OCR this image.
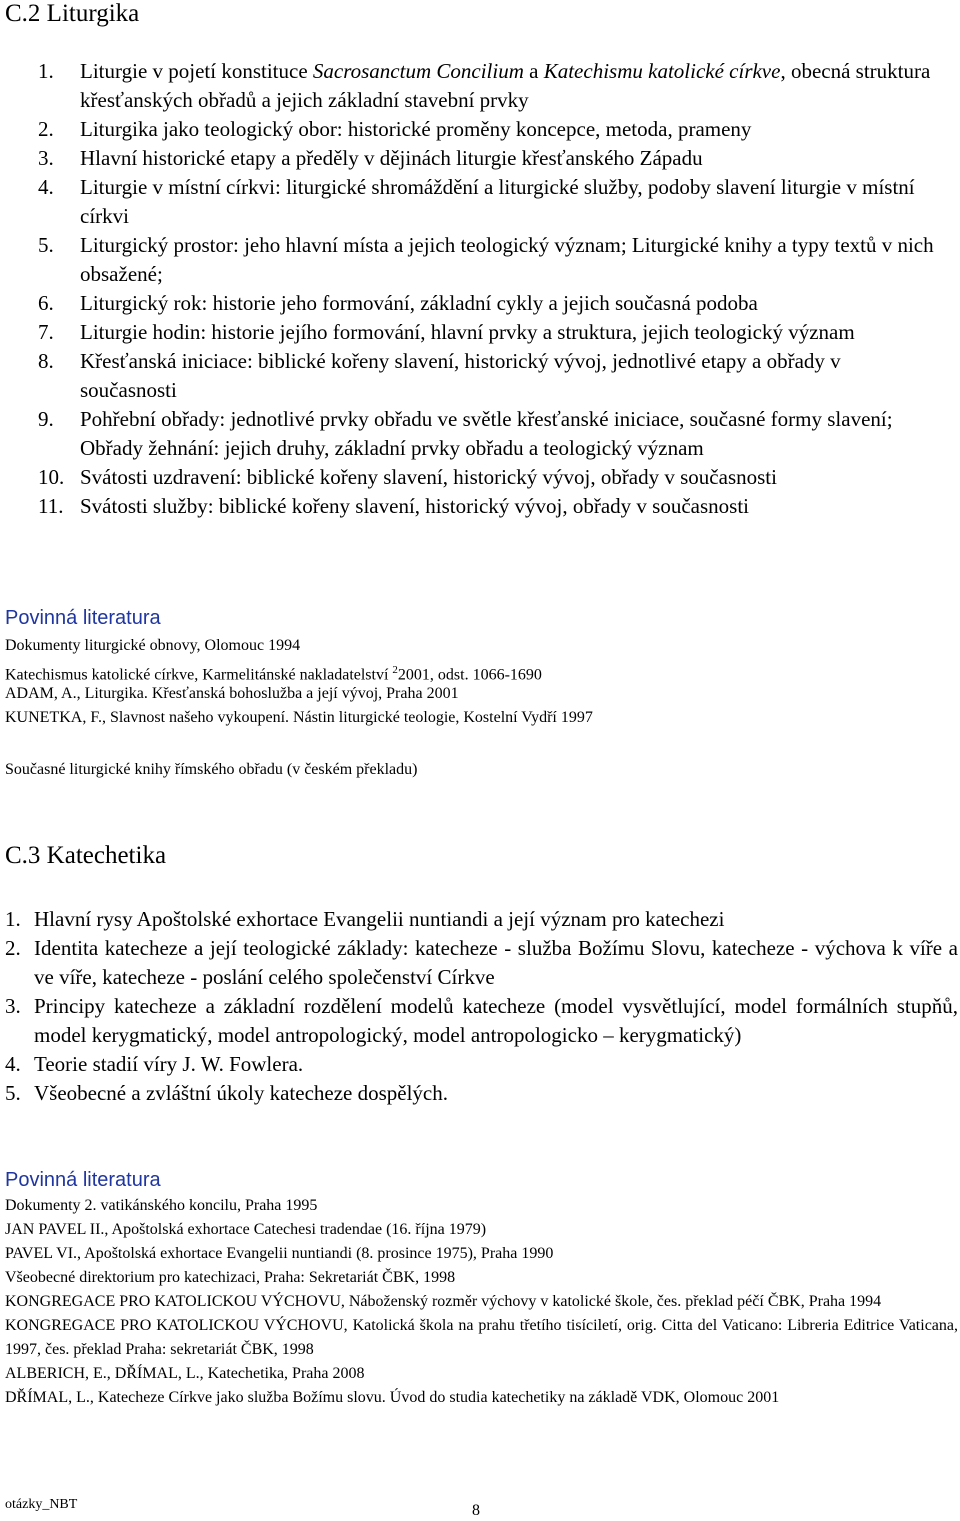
C.2 Liturgika
1. Liturgie v pojetí konstituce Sacrosanctum Concilium a Katechismu katolické církve, obecná struktura křesťanských obřadů a jejich základní stavební prvky
2. Liturgika jako teologický obor: historické proměny koncepce, metoda, prameny
3. Hlavní historické etapy a předěly v dějinách liturgie křesťanského Západu
4. Liturgie v místní církvi: liturgické shromáždění a liturgické služby, podoby slavení liturgie v místní církvi
5. Liturgický prostor: jeho hlavní místa a jejich teologický význam; Liturgické knihy a typy textů v nich obsažené;
6. Liturgický rok: historie jeho formování, základní cykly a jejich současná podoba
7. Liturgie hodin: historie jejího formování, hlavní prvky a struktura, jejich teologický význam
8. Křesťanská iniciace: biblické kořeny slavení, historický vývoj, jednotlivé etapy a obřady v současnosti
9. Pohřební obřady: jednotlivé prvky obřadu ve světle křesťanské iniciace, současné formy slavení; Obřady žehnání: jejich druhy, základní prvky obřadu a teologický význam
10. Svátosti uzdravení: biblické kořeny slavení, historický vývoj, obřady v současnosti
11. Svátosti služby: biblické kořeny slavení, historický vývoj, obřady v současnosti
Povinná literatura
Dokumenty liturgické obnovy, Olomouc 1994
Katechismus katolické církve, Karmelitánské nakladatelství $^2$2001, odst. 1066-1690
ADAM, A., Liturgika. Křesťanská bohoslužba a její vývoj, Praha 2001
KUNETKA, F., Slavnost našeho vykoupení. Nástin liturgické teologie, Kostelní Vydří 1997
Současné liturgické knihy římského obřadu (v českém překladu)
C.3 Katechetika
1. Hlavní rysy Apoštolské exhortace Evangelii nuntiandi a její význam pro katechezi
2. Identita katecheze a její teologické základy: katecheze - služba Božímu Slovu, katecheze - výchova k víře a ve víře, katecheze - poslání celého společenství Církve
3. Principy katecheze a základní rozdělení modelů katecheze (model vysvětlující, model formálních stupňů, model kerygmatický, model antropologický, model antropologicko – kerygmatický)
4. Teorie stadií víry J. W. Fowlera.
5. Všeobecné a zvláštní úkoly katecheze dospělých.
Povinná literatura
Dokumenty 2. vatikánského koncilu, Praha 1995
JAN PAVEL II., Apoštolská exhortace Catechesi tradendae (16. října 1979)
PAVEL VI., Apoštolská exhortace Evangelii nuntiandi (8. prosince 1975), Praha 1990
Všeobecné direktorium pro katechizaci, Praha: Sekretariát ČBK, 1998
KONGREGACE PRO KATOLICKOU VÝCHOVU, Náboženský rozměr výchovy v katolické škole, čes. překlad péčí ČBK, Praha 1994
KONGREGACE PRO KATOLICKOU VÝCHOVU, Katolická škola na prahu třetího tisíciletí, orig. Citta del Vaticano: Libreria Editrice Vaticana, 1997, čes. překlad Praha: sekretariát ČBK, 1998
ALBERICH, E., DŘÍMAL, L., Katechetika, Praha 2008
DŘÍMAL, L., Katecheze Církve jako služba Božímu slovu. Úvod do studia katechetiky na základě VDK, Olomouc 2001
otázky_NBT	8
